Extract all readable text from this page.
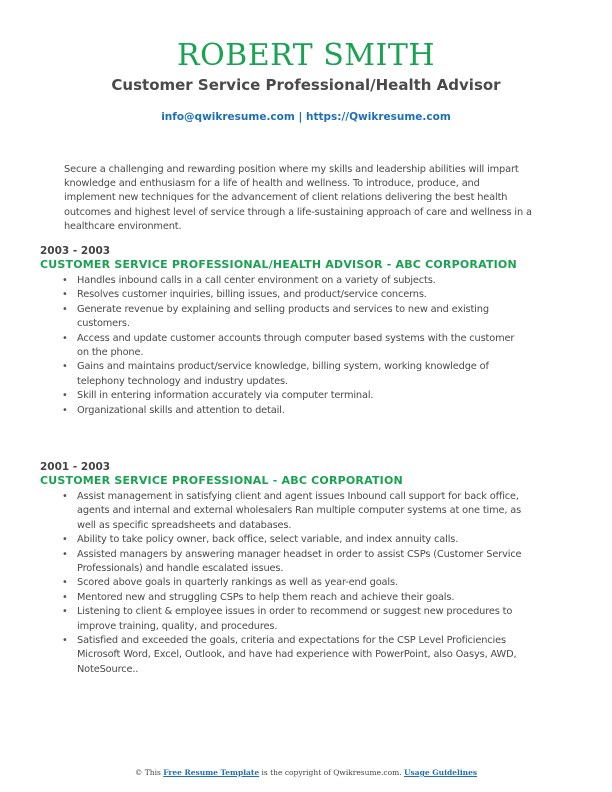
ROBERT SMITH
Customer Service Professional/Health Advisor
info@qwikresume.com | https://Qwikresume.com
Secure a challenging and rewarding position where my skills and leadership abilities will impart knowledge and enthusiasm for a life of health and wellness. To introduce, produce, and implement new techniques for the advancement of client relations delivering the best health outcomes and highest level of service through a life-sustaining approach of care and wellness in a healthcare environment.
2003 - 2003
CUSTOMER SERVICE PROFESSIONAL/HEALTH ADVISOR - ABC CORPORATION
• Handles inbound calls in a call center environment on a variety of subjects.
• Resolves customer inquiries, billing issues, and product/service concerns.
• Generate revenue by explaining and selling products and services to new and existing customers.
• Access and update customer accounts through computer based systems with the customer on the phone.
• Gains and maintains product/service knowledge, billing system, working knowledge of telephony technology and industry updates.
• Skill in entering information accurately via computer terminal.
• Organizational skills and attention to detail.
2001 - 2003
CUSTOMER SERVICE PROFESSIONAL - ABC CORPORATION
• Assist management in satisfying client and agent issues Inbound call support for back office, agents and internal and external wholesalers Ran multiple computer systems at one time, as well as specific spreadsheets and databases.
• Ability to take policy owner, back office, select variable, and index annuity calls.
• Assisted managers by answering manager headset in order to assist CSPs (Customer Service Professionals) and handle escalated issues.
• Scored above goals in quarterly rankings as well as year-end goals.
• Mentored new and struggling CSPs to help them reach and achieve their goals.
• Listening to client & employee issues in order to recommend or suggest new procedures to improve training, quality, and procedures.
• Satisfied and exceeded the goals, criteria and expectations for the CSP Level Proficiencies Microsoft Word, Excel, Outlook, and have had experience with PowerPoint, also Oasys, AWD, NoteSource..
© This Free Resume Template is the copyright of Qwikresume.com. Usage Guidelines
